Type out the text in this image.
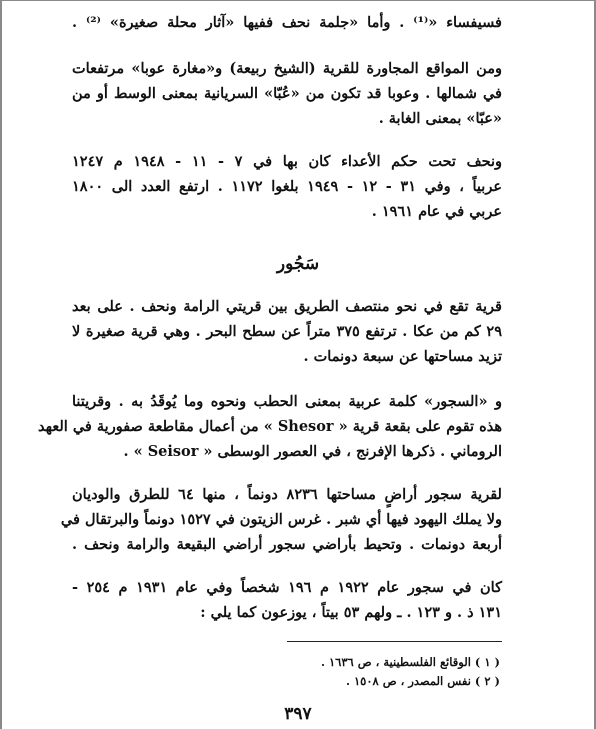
فسيفساء «⁽¹⁾ . وأما «جلمة نحف ففيها «آثار محلة صغيرة» ⁽²⁾ .
ومن المواقع المجاورة للقرية (الشيخ ربيعة) و«مغارة عوبا» مرتفعات
في شمالها . وعوبا قد تكون من «عُبّا» السريانية بمعنى الوسط أو من
«عبّا» بمعنى الغابة .
ونحف تحت حكم الأعداء كان بها في ٧ - ١١ - ١٩٤٨ م ١٢٤٧
عربياً ، وفي ٣١ - ١٢ - ١٩٤٩ بلغوا ١١٧٢ . ارتفع العدد الى ١٨٠٠
عربي في عام ١٩٦١ .
سَجُور
قرية تقع في نحو منتصف الطريق بين قريتي الرامة ونحف . على بعد
٢٩ كم من عكا . ترتفع ٣٧٥ متراً عن سطح البحر . وهي قرية صغيرة لا
تزيد مساحتها عن سبعة دونمات .
و «السجور» كلمة عربية بمعنى الحطب ونحوه وما يُوقَدُ به . وقريتنا
هذه تقوم على بقعة قرية « Shesor » من أعمال مقاطعة صفورية في العهد
الروماني . ذكرها الإفرنج ، في العصور الوسطى « Seisor » .
لقرية سجور أراضٍ مساحتها ٨٢٣٦ دونماً ، منها ٦٤ للطرق والوديان
ولا يملك اليهود فيها أي شبر . غرس الزيتون في ١٥٢٧ دونماً والبرتقال في
أربعة دونمات . وتحيط بأراضي سجور أراضي البقيعة والرامة ونحف .
كان في سجور عام ١٩٢٢ م ١٩٦ شخصاً وفي عام ١٩٣١ م ٢٥٤ -
١٣١ ذ . و ١٢٣ . ـ ولهم ٥٣ بيتاً ، يوزعون كما يلي :
( ١ ) الوقائع الفلسطينية ، ص ١٦٣٦ .
( ٢ ) نفس المصدر ، ص ١٥٠٨ .
٣٩٧
